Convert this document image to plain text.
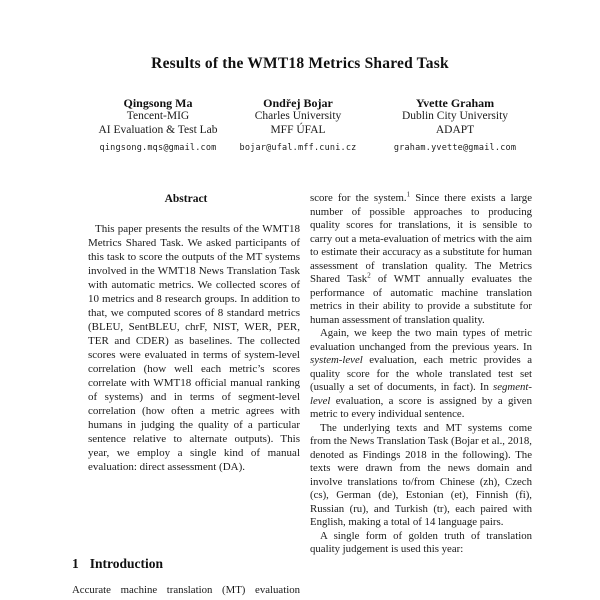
Results of the WMT18 Metrics Shared Task
Qingsong Ma
Tencent-MIG
AI Evaluation & Test Lab
qingsong.mqs@gmail.com
Ondřej Bojar
Charles University
MFF ÚFAL
bojar@ufal.mff.cuni.cz
Yvette Graham
Dublin City University
ADAPT
graham.yvette@gmail.com
Abstract
This paper presents the results of the WMT18 Metrics Shared Task. We asked participants of this task to score the outputs of the MT systems involved in the WMT18 News Translation Task with automatic metrics. We collected scores of 10 metrics and 8 research groups. In addition to that, we computed scores of 8 standard metrics (BLEU, SentBLEU, chrF, NIST, WER, PER, TER and CDER) as baselines. The collected scores were evaluated in terms of system-level correlation (how well each metric’s scores correlate with WMT18 official manual ranking of systems) and in terms of segment-level correlation (how often a metric agrees with humans in judging the quality of a particular sentence relative to alternate outputs). This year, we employ a single kind of manual evaluation: direct assessment (DA).
1 Introduction
Accurate machine translation (MT) evaluation

score for the system.$^1$ Since there exists a large number of possible approaches to producing quality scores for translations, it is sensible to carry out a meta-evaluation of metrics with the aim to estimate their accuracy as a substitute for human assessment of translation quality. The Metrics Shared Task$^2$ of WMT annually evaluates the performance of automatic machine translation metrics in their ability to provide a substitute for human assessment of translation quality.

Again, we keep the two main types of metric evaluation unchanged from the previous years. In system-level evaluation, each metric provides a quality score for the whole translated test set (usually a set of documents, in fact). In segment-level evaluation, a score is assigned by a given metric to every individual sentence.

The underlying texts and MT systems come from the News Translation Task (Bojar et al., 2018, denoted as Findings 2018 in the following). The texts were drawn from the news domain and involve translations to/from Chinese (zh), Czech (cs), German (de), Estonian (et), Finnish (fi), Russian (ru), and Turkish (tr), each paired with English, making a total of 14 language pairs.

A single form of golden truth of translation quality judgement is used this year:
